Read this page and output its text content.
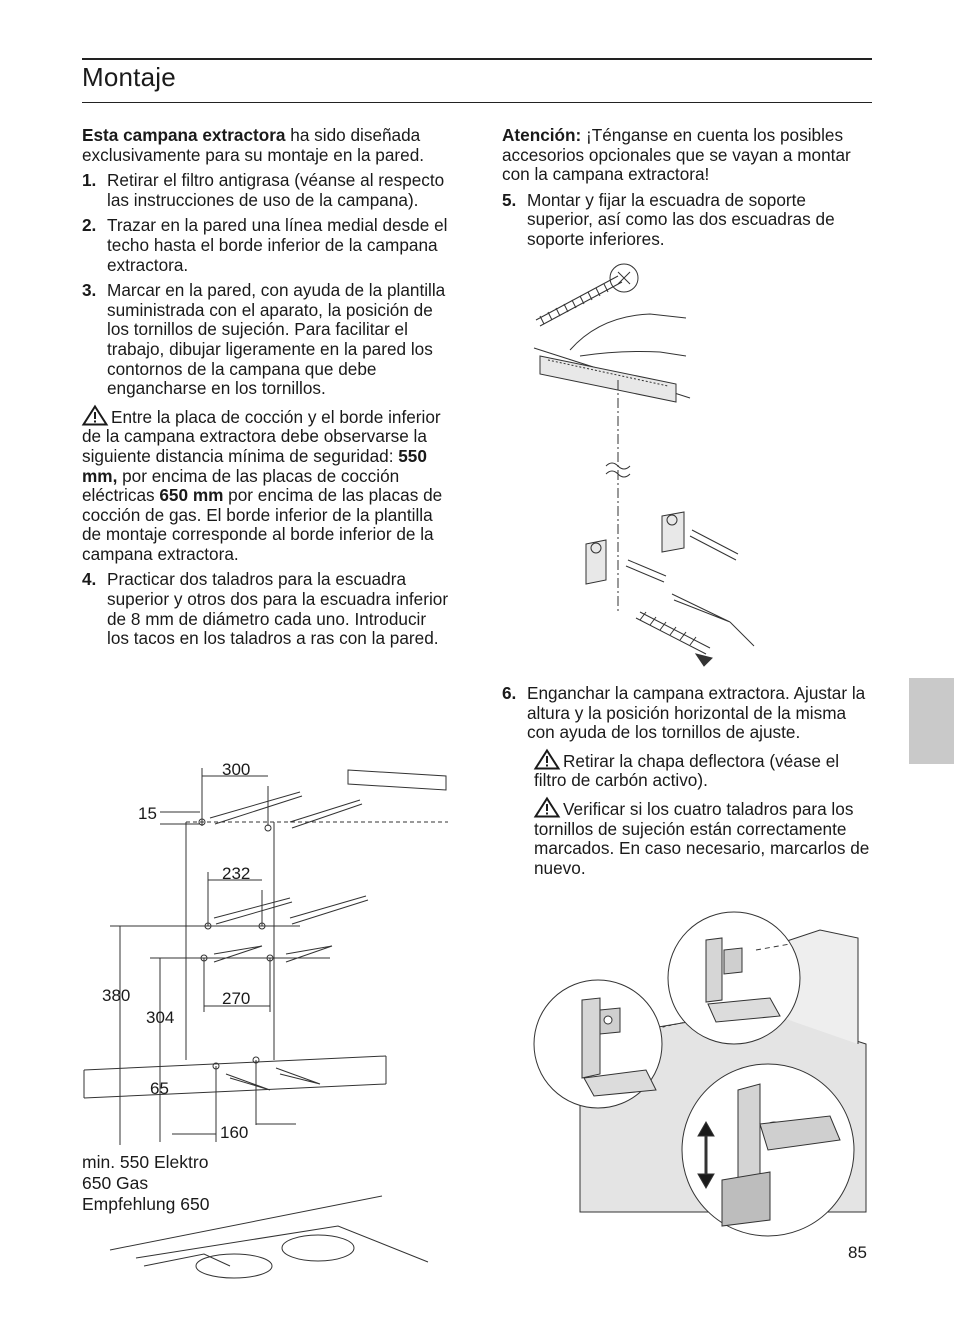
Montaje

Esta campana extractora ha sido diseñada exclusivamente para su montaje en la pared.

1. Retirar el filtro antigrasa (véanse al respecto las instrucciones de uso de la campana).
2. Trazar en la pared una línea medial desde el techo hasta el borde inferior de la campana extractora.
3. Marcar en la pared, con ayuda de la plantilla suministrada con el aparato, la posición de los tornillos de sujeción. Para facilitar el trabajo, dibujar ligeramente en la pared los contornos de la campana que debe engancharse en los tornillos.

Entre la placa de cocción y el borde inferior de la campana extractora debe observarse la siguiente distancia mínima de seguridad: 550 mm, por encima de las placas de cocción eléctricas 650 mm por encima de las placas de cocción de gas. El borde inferior de la plantilla de montaje corresponde al borde inferior de la campana extractora.

4. Practicar dos taladros para la escuadra superior y otros dos para la escuadra inferior de 8 mm de diámetro cada uno. Introducir los tacos en los taladros a ras con la pared.
300
15
232
380
304
270
65
160
min. 550 Elektro
650 Gas
Empfehlung 650

Atención: ¡Ténganse en cuenta los posibles accesorios opcionales que se vayan a montar con la campana extractora!

5. Montar y fijar la escuadra de soporte superior, así como las dos escuadras de soporte inferiores.
6. Enganchar la campana extractora. Ajustar la altura y la posición horizontal de la misma con ayuda de los tornillos de ajuste.

Retirar la chapa deflectora (véase el filtro de carbón activo).

Verificar si los cuatro taladros para los tornillos de sujeción están correctamente marcados. En caso necesario, marcarlos de nuevo.

85
